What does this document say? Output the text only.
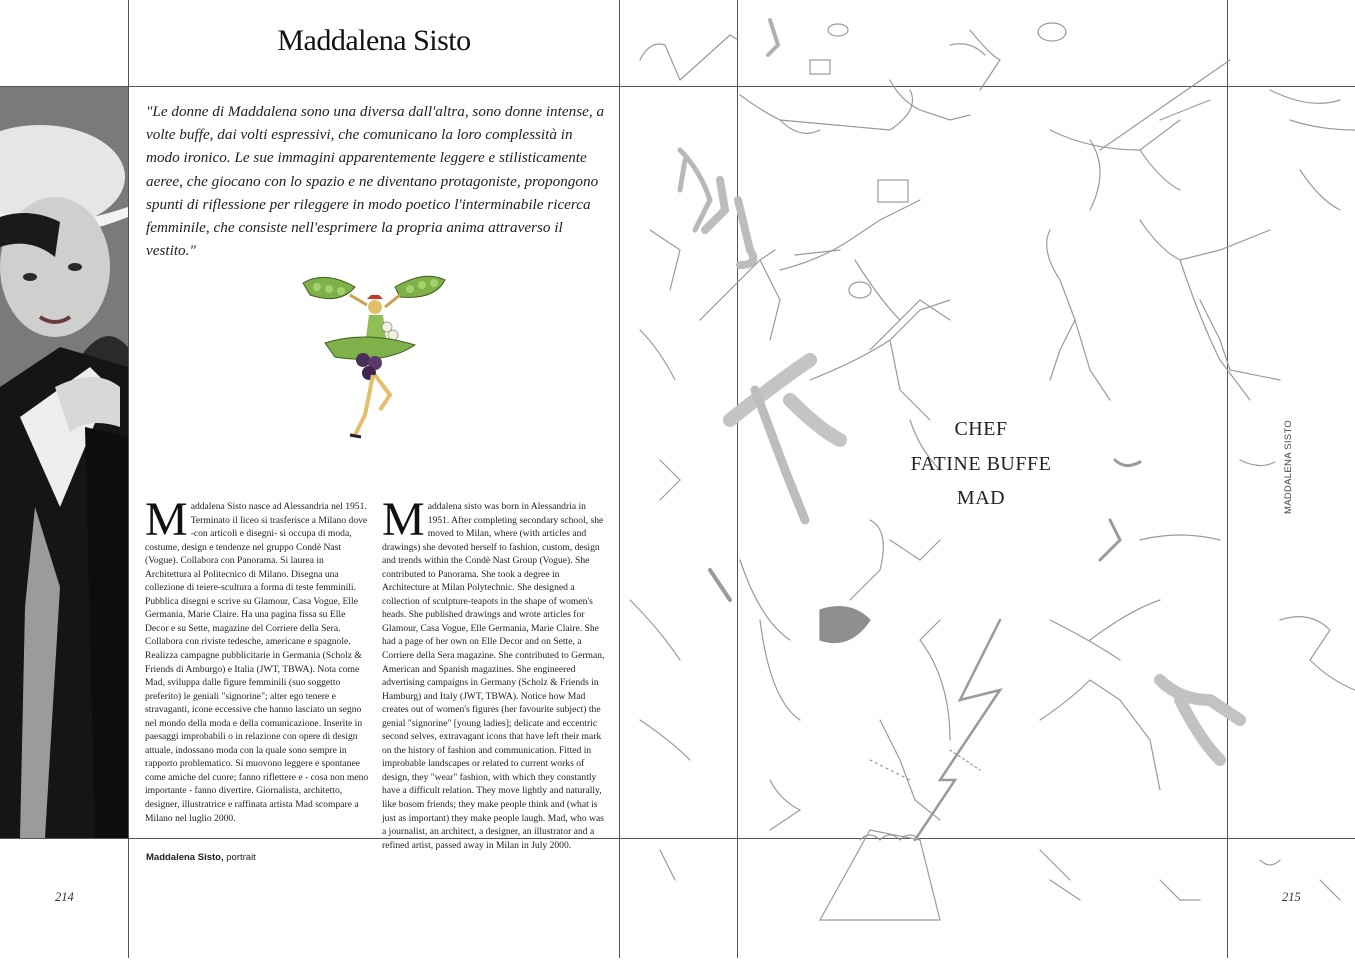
Maddalena Sisto
"Le donne di Maddalena sono una diversa dall'altra, sono donne intense, a volte buffe, dai volti espressivi, che comunicano la loro complessità in modo ironico. Le sue immagini apparentemente leggere e stilisticamente aeree, che giocano con lo spazio e ne diventano protagoniste, propongono spunti di riflessione per rileggere in modo poetico l'interminabile ricerca femminile, che consiste nell'esprimere la propria anima attraverso il vestito."
Maddalena Sisto nasce ad Alessandria nel 1951. Terminato il liceo si trasferisce a Milano dove -con articoli e disegni- si occupa di moda, costume, design e tendenze nel gruppo Condè Nast (Vogue). Collabora con Panorama. Si laurea in Architettura al Politecnico di Milano. Disegna una collezione di teiere-scultura a forma di teste femminili. Pubblica disegni e scrive su Glamour, Casa Vogue, Elle Germania, Marie Claire. Ha una pagina fissa su Elle Decor e su Sette, magazine del Corriere della Sera. Collabora con riviste tedesche, americane e spagnole. Realizza campagne pubblicitarie in Germania (Scholz & Friends di Amburgo) e Italia (JWT, TBWA). Nota come Mad, sviluppa dalle figure femminili (suo soggetto preferito) le geniali "signorine"; alter ego tenere e stravaganti, icone eccessive che hanno lasciato un segno nel mondo della moda e della comunicazione. Inserite in paesaggi improbabili o in relazione con opere di design attuale, indossano moda con la quale sono sempre in rapporto problematico. Si muovono leggere e spontanee come amiche del cuore; fanno riflettere e - cosa non meno importante - fanno divertire. Giornalista, architetto, designer, illustratrice e raffinata artista Mad scompare a Milano nel luglio 2000.
Maddalena sisto was born in Alessandria in 1951. After completing secondary school, she moved to Milan, where (with articles and drawings) she devoted herself to fashion, custom, design and trends within the Condè Nast Group (Vogue). She contributed to Panorama. She took a degree in Architecture at Milan Polytechnic. She designed a collection of sculpture-teapots in the shape of women's heads. She published drawings and wrote articles for Glamour, Casa Vogue, Elle Germania, Marie Claire. She had a page of her own on Elle Decor and on Sette, a Corriere della Sera magazine. She contributed to German, American and Spanish magazines. She engineered advertising campaigns in Germany (Scholz & Friends in Hamburg) and Italy (JWT, TBWA). Notice how Mad creates out of women's figures (her favourite subject) the genial "signorine" [young ladies]; delicate and eccentric second selves, extravagant icons that have left their mark on the history of fashion and communication. Fitted in improbable landscapes or related to current works of design, they "wear" fashion, with which they constantly have a difficult relation. They move lightly and naturally, like bosom friends; they make people think and (what is just as important) they make people laugh. Mad, who was a journalist, an architect, a designer, an illustrator and a refined artist, passed away in Milan in July 2000.
Maddalena Sisto, portrait
214
CHEF
FATINE BUFFE
MAD	MADDALENA SISTO
215
